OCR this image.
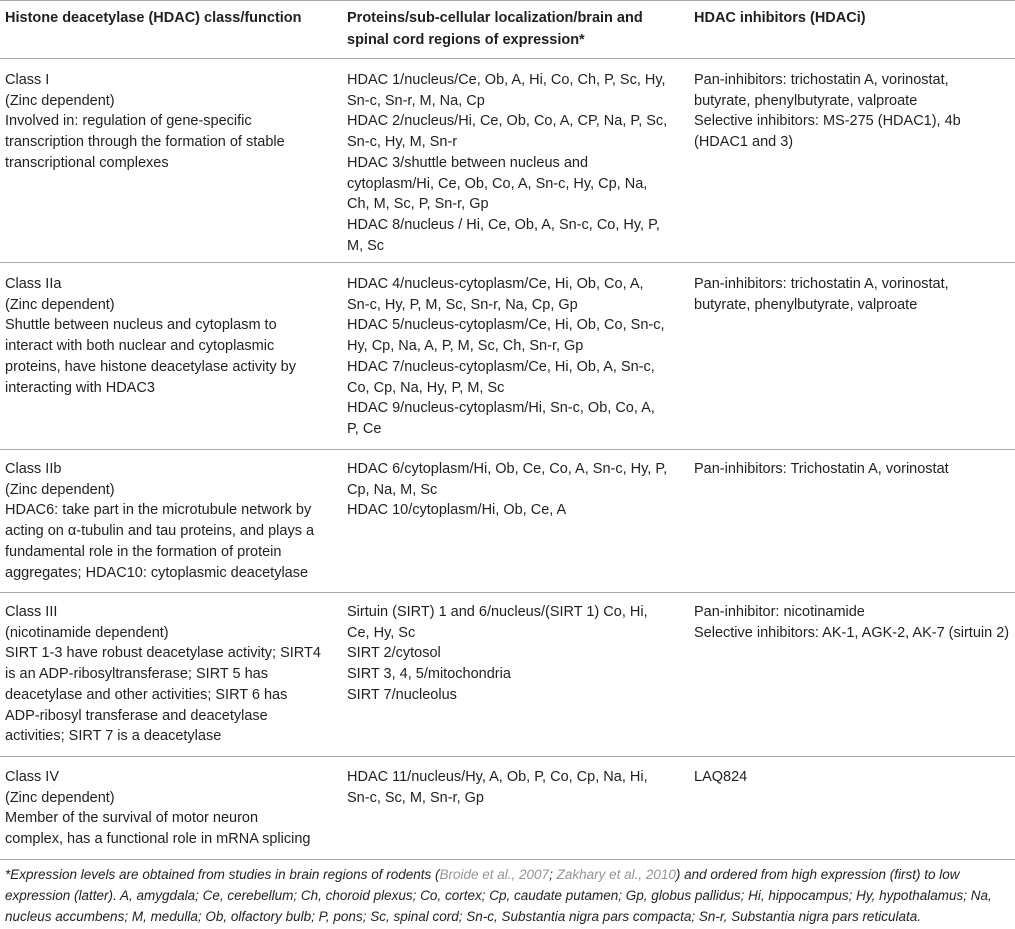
Histone deacetylase (HDAC) class/function	Proteins/sub-cellular localization/brain and
spinal cord regions of expression*
HDAC inhibitors (HDACi)
Class I
(Zinc dependent)
Involved in: regulation of gene-specific
transcription through the formation of stable
transcriptional complexes
HDAC 1/nucleus/Ce, Ob, A, Hi, Co, Ch, P, Sc, Hy,
Sn-c, Sn-r, M, Na, Cp
HDAC 2/nucleus/Hi, Ce, Ob, Co, A, CP, Na, P, Sc,
Sn-c, Hy, M, Sn-r
HDAC 3/shuttle between nucleus and
cytoplasm/Hi, Ce, Ob, Co, A, Sn-c, Hy, Cp, Na,
Ch, M, Sc, P, Sn-r, Gp
HDAC 8/nucleus / Hi, Ce, Ob, A, Sn-c, Co, Hy, P,
M, Sc
Pan-inhibitors: trichostatin A, vorinostat,
butyrate, phenylbutyrate, valproate
Selective inhibitors: MS-275 (HDAC1), 4b
(HDAC1 and 3)
Class IIa
(Zinc dependent)
Shuttle between nucleus and cytoplasm to
interact with both nuclear and cytoplasmic
proteins, have histone deacetylase activity by
interacting with HDAC3
HDAC 4/nucleus-cytoplasm/Ce, Hi, Ob, Co, A,
Sn-c, Hy, P, M, Sc, Sn-r, Na, Cp, Gp
HDAC 5/nucleus-cytoplasm/Ce, Hi, Ob, Co, Sn-c,
Hy, Cp, Na, A, P, M, Sc, Ch, Sn-r, Gp
HDAC 7/nucleus-cytoplasm/Ce, Hi, Ob, A, Sn-c,
Co, Cp, Na, Hy, P, M, Sc
HDAC 9/nucleus-cytoplasm/Hi, Sn-c, Ob, Co, A,
P, Ce
Pan-inhibitors: trichostatin A, vorinostat,
butyrate, phenylbutyrate, valproate
Class IIb
(Zinc dependent)
HDAC6: take part in the microtubule network by
acting on α-tubulin and tau proteins, and plays a
fundamental role in the formation of protein
aggregates; HDAC10: cytoplasmic deacetylase
HDAC 6/cytoplasm/Hi, Ob, Ce, Co, A, Sn-c, Hy, P,
Cp, Na, M, Sc
HDAC 10/cytoplasm/Hi, Ob, Ce, A
Pan-inhibitors: Trichostatin A, vorinostat
Class III
(nicotinamide dependent)
SIRT 1-3 have robust deacetylase activity; SIRT4
is an ADP-ribosyltransferase; SIRT 5 has
deacetylase and other activities; SIRT 6 has
ADP-ribosyl transferase and deacetylase
activities; SIRT 7 is a deacetylase
Sirtuin (SIRT) 1 and 6/nucleus/(SIRT 1) Co, Hi,
Ce, Hy, Sc
SIRT 2/cytosol
SIRT 3, 4, 5/mitochondria
SIRT 7/nucleolus
Pan-inhibitor: nicotinamide
Selective inhibitors: AK-1, AGK-2, AK-7 (sirtuin 2)
Class IV
(Zinc dependent)
Member of the survival of motor neuron
complex, has a functional role in mRNA splicing
HDAC 11/nucleus/Hy, A, Ob, P, Co, Cp, Na, Hi,
Sn-c, Sc, M, Sn-r, Gp
LAQ824
*Expression levels are obtained from studies in brain regions of rodents (Broide et al., 2007; Zakhary et al., 2010) and ordered from high expression (first) to low
expression (latter). A, amygdala; Ce, cerebellum; Ch, choroid plexus; Co, cortex; Cp, caudate putamen; Gp, globus pallidus; Hi, hippocampus; Hy, hypothalamus; Na,
nucleus accumbens; M, medulla; Ob, olfactory bulb; P, pons; Sc, spinal cord; Sn-c, Substantia nigra pars compacta; Sn-r, Substantia nigra pars reticulata.
